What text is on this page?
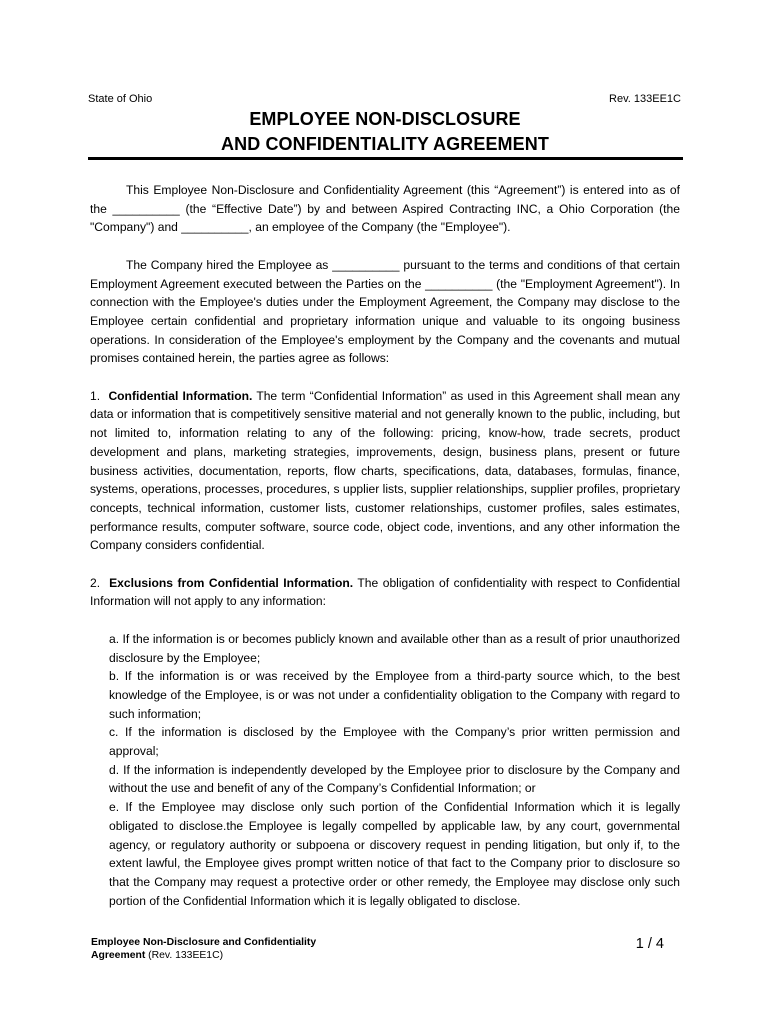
State of Ohio	Rev. 133EE1C
EMPLOYEE NON-DISCLOSURE
AND CONFIDENTIALITY AGREEMENT

This Employee Non-Disclosure and Confidentiality Agreement (this “Agreement”) is entered into as of the __________ (the “Effective Date”) by and between Aspired Contracting INC, a Ohio Corporation (the "Company") and __________, an employee of the Company (the "Employee").

The Company hired the Employee as __________ pursuant to the terms and conditions of that certain Employment Agreement executed between the Parties on the __________ (the "Employment Agreement"). In connection with the Employee's duties under the Employment Agreement, the Company may disclose to the Employee certain confidential and proprietary information unique and valuable to its ongoing business operations. In consideration of the Employee's employment by the Company and the covenants and mutual promises contained herein, the parties agree as follows:

1. Confidential Information. The term “Confidential Information” as used in this Agreement shall mean any data or information that is competitively sensitive material and not generally known to the public, including, but not limited to, information relating to any of the following: pricing, know-how, trade secrets, product development and plans, marketing strategies, improvements, design, business plans, present or future business activities, documentation, reports, flow charts, specifications, data, databases, formulas, finance, systems, operations, processes, procedures, s upplier lists, supplier relationships, supplier profiles, proprietary concepts, technical information, customer lists, customer relationships, customer profiles, sales estimates, performance results, computer software, source code, object code, inventions, and any other information the Company considers confidential.

2. Exclusions from Confidential Information. The obligation of confidentiality with respect to Confidential Information will not apply to any information:

a. If the information is or becomes publicly known and available other than as a result of prior unauthorized disclosure by the Employee;

b. If the information is or was received by the Employee from a third-party source which, to the best knowledge of the Employee, is or was not under a confidentiality obligation to the Company with regard to such information;

c. If the information is disclosed by the Employee with the Company’s prior written permission and approval;

d. If the information is independently developed by the Employee prior to disclosure by the Company and without the use and benefit of any of the Company’s Confidential Information; or

e. If the Employee may disclose only such portion of the Confidential Information which it is legally obligated to disclose.the Employee is legally compelled by applicable law, by any court, governmental agency, or regulatory authority or subpoena or discovery request in pending litigation, but only if, to the extent lawful, the Employee gives prompt written notice of that fact to the Company prior to disclosure so that the Company may request a protective order or other remedy, the Employee may disclose only such portion of the Confidential Information which it is legally obligated to disclose.

Employee Non-Disclosure and Confidentiality
Agreement (Rev. 133EE1C)
1 / 4
